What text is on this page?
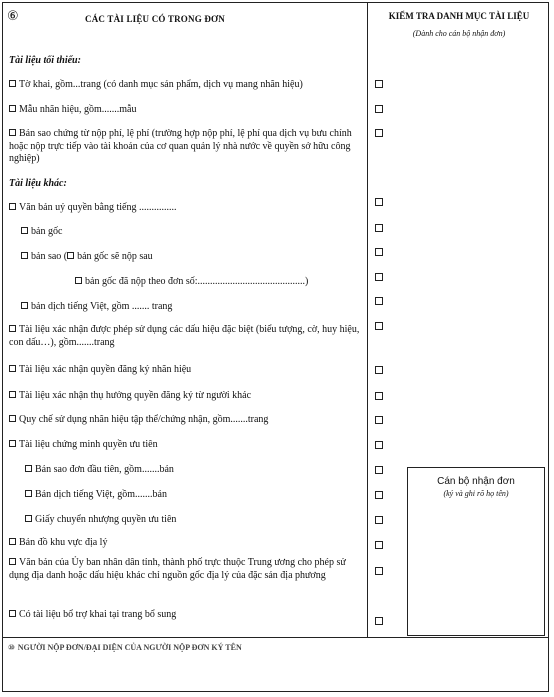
⑥	CÁC TÀI LIỆU CÓ TRONG ĐƠN	KIỂM TRA DANH MỤC TÀI LIỆU
(Dành cho cán bộ nhận đơn)
Tài liệu tối thiểu:
Tờ khai, gồm...trang (có danh mục sản phẩm, dịch vụ mang nhãn hiệu)
Mẫu nhãn hiệu, gồm.......mẫu
Bản sao chứng từ nộp phí, lệ phí (trường hợp nộp phí, lệ phí qua dịch vụ bưu chính hoặc nộp trực tiếp vào tài khoản của cơ quan quản lý nhà nước về quyền sở hữu công nghiệp)
Tài liệu khác:
Văn bản uỷ quyền bằng tiếng ...............
bản gốc
bản sao ( bản gốc sẽ nộp sau
bản gốc đã nộp theo đơn số:...........................................)
bản dịch tiếng Việt, gồm ....... trang
Tài liệu xác nhận được phép sử dụng các dấu hiệu đặc biệt (biểu tượng, cờ, huy hiệu, con dấu…), gồm.......trang
Tài liệu xác nhận quyền đăng ký nhãn hiệu
Tài liệu xác nhận thụ hưởng quyền đăng ký từ người khác
Quy chế sử dụng nhãn hiệu tập thể/chứng nhận, gồm.......trang
Tài liệu chứng minh quyền ưu tiên
Bản sao đơn đầu tiên, gồm.......bản
Bản dịch tiếng Việt, gồm.......bản
Giấy chuyển nhượng quyền ưu tiên
Bản đồ khu vực địa lý
Văn bản của Ủy ban nhân dân tỉnh, thành phố trực thuộc Trung ương cho phép sử dụng địa danh hoặc dấu hiệu khác chỉ nguồn gốc địa lý của đặc sản địa phương
Có tài liệu bổ trợ khai tại trang bổ sung
Cán bộ nhận đơn
(ký và ghi rõ họ tên)
⑩ NGƯỜI NỘP ĐƠN/ĐẠI DIỆN CỦA NGƯỜI NỘP ĐƠN KÝ TÊN
